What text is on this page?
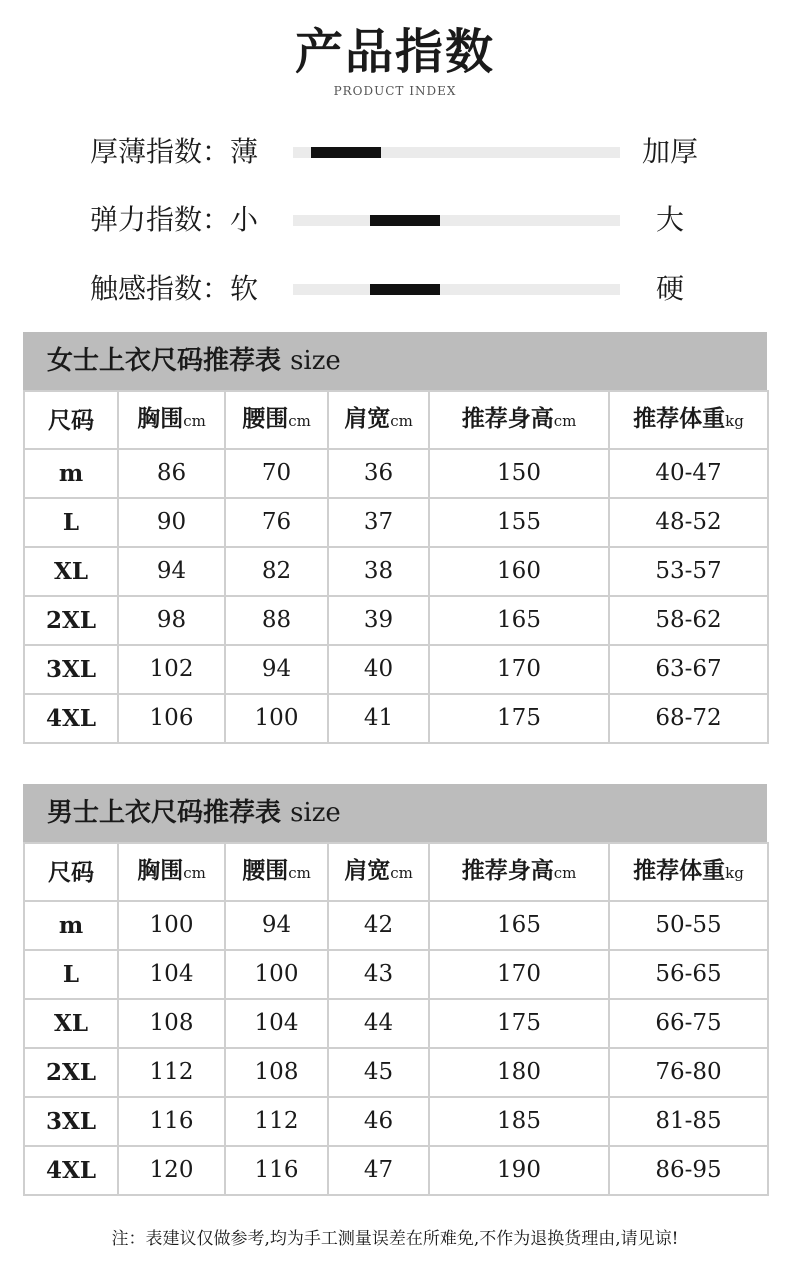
产品指数
PRODUCT INDEX
厚薄指数：薄	加厚
弹力指数：小	大
触感指数：软	硬
女士上衣尺码推荐表 size
尺码	胸围cm	腰围cm	肩宽cm	推荐身高cm	推荐体重kg
m	86	70	36	150	40-47
L	90	76	37	155	48-52
XL	94	82	38	160	53-57
2XL	98	88	39	165	58-62
3XL	102	94	40	170	63-67
4XL	106	100	41	175	68-72
男士上衣尺码推荐表 size
尺码	胸围cm	腰围cm	肩宽cm	推荐身高cm	推荐体重kg
m	100	94	42	165	50-55
L	104	100	43	170	56-65
XL	108	104	44	175	66-75
2XL	112	108	45	180	76-80
3XL	116	112	46	185	81-85
4XL	120	116	47	190	86-95
注：表建议仅做参考,均为手工测量误差在所难免,不作为退换货理由,请见谅!
